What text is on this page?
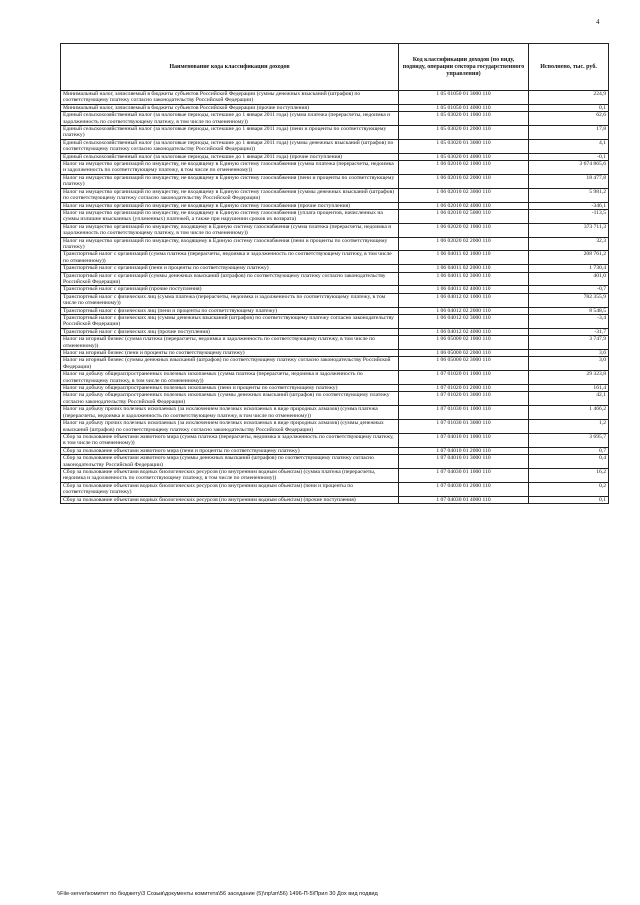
4
Наименование кода классификации доходов	Код классификации доходов (по виду, подвиду, операции сектора государственного управления)	Исполнено, тыс. руб.
Минимальный налог, зачисляемый в бюджеты субъектов Российской Федерации (суммы денежных взысканий (штрафов) по соответствующему платежу согласно законодательству Российской Федерации)	1 05 01050 01 3000 110	224,9
Минимальный налог, зачисляемый в бюджеты субъектов Российской Федерации (прочие поступления)	1 05 01050 01 4000 110	0,1
Единый сельскохозяйственный налог (за налоговые периоды, истекшие до 1 января 2011 года) (сумма платежа (перерасчеты, недоимка и задолженность по соответствующему платежу, в том числе по отмененному))	1 05 03020 01 1000 110	62,6
Единый сельскохозяйственный налог (за налоговые периоды, истекшие до 1 января 2011 года) (пени и проценты по соответствующему платежу)	1 05 03020 01 2000 110	17,8
Единый сельскохозяйственный налог (за налоговые периоды, истекшие до 1 января 2011 года) (суммы денежных взысканий (штрафов) по соответствующему платежу согласно законодательству Российской Федерации))	1 05 03020 01 3000 110	4,1
Единый сельскохозяйственный налог (за налоговые периоды, истекшие до 1 января 2011 года) (прочие поступления)	1 05 03020 01 4000 110	-0,1
Налог на имущество организаций по имуществу, не входящему в Единую систему газоснабжения (сумма платежа (перерасчеты, недоимка и задолженность по соответствующему платежу, в том числе по отмененному))	1 06 02010 02 1000 110	3 674 865,6
Налог на имущество организаций по имуществу, не входящему в Единую систему газоснабжения (пени и проценты по соответствующему платежу)	1 06 02010 02 2000 110	18 477,8
Налог на имущество организаций по имуществу, не входящему в Единую систему газоснабжения (суммы денежных взысканий (штрафов) по соответствующему платежу согласно законодательству Российской Федерации)	1 06 02010 02 3000 110	5 981,2
Налог на имущество организаций по имуществу, не входящему в Единую систему газоснабжения (прочие поступления)	1 06 02010 02 4000 110	-346,1
Налог на имущество организаций по имуществу, не входящему в Единую систему газоснабжения (уплата процентов, начисленных на суммы излишне взысканных (уплаченных) платежей, а также при нарушении сроков их возврата)	1 06 02010 02 5000 110	-113,5
Налог на имущество организаций по имуществу, входящему в Единую систему газоснабжения (сумма платежа (перерасчеты, недоимка и задолженность по соответствующему платежу, в том числе по отмененному))	1 06 02020 02 1000 110	373 711,3
Налог на имущество организаций по имуществу, входящему в Единую систему газоснабжения (пени и проценты по соответствующему платежу)	1 06 02020 02 2000 110	32,3
Транспортный налог с организаций (сумма платежа (перерасчеты, недоимка и задолженность по соответствующему платежу, в том числе по отмененному))	1 06 04011 02 1000 110	208 761,2
Транспортный налог с организаций (пени и проценты по соответствующему платежу)	1 06 04011 02 2000 110	1 730,4
Транспортный налог с организаций (суммы денежных взысканий (штрафов) по соответствующему платежу согласно законодательству Российской Федерации)	1 06 04011 02 3000 110	401,0
Транспортный налог с организаций (прочие поступления)	1 06 04011 02 4000 110	-0,7
Транспортный налог с физических лиц (сумма платежа (перерасчеты, недоимка и задолженность по соответствующему платежу, в том числе по отмененному))	1 06 04012 02 1000 110	782 355,9
Транспортный налог с физических лиц (пени и проценты по соответствующему платежу)	1 06 04012 02 2000 110	8 548,5
Транспортный налог с физических лиц (суммы денежных взысканий (штрафов) по соответствующему платежу согласно законодательству Российской Федерации)	1 06 04012 02 3000 110	-3,4
Транспортный налог с физических лиц (прочие поступления)	1 06 04012 02 4000 110	-31,7
Налог на игорный бизнес (сумма платежа (перерасчеты, недоимка и задолженность по соответствующему платежу, в том числе по отмененному))	1 06 05000 02 1000 110	3 747,9
Налог на игорный бизнес (пени и проценты по соответствующему платежу)	1 06 05000 02 2000 110	3,6
Налог на игорный бизнес (суммы денежных взысканий (штрафов) по соответствующему платежу согласно законодательству Российской Федерации)	1 06 05000 02 3000 110	3,0
Налог на добычу общераспространенных полезных ископаемых (сумма платежа (перерасчеты, недоимка и задолженность по соответствующему платежу, в том числе по отмененному))	1 07 01020 01 1000 110	29 323,8
Налог на добычу общераспространенных полезных ископаемых (пени и проценты по соответствующему платежу)	1 07 01020 01 2000 110	161,4
Налог на добычу общераспространенных полезных ископаемых (суммы денежных взысканий (штрафов) по соответствующему платежу согласно законодательству Российской Федерации)	1 07 01020 01 3000 110	42,1
Налог на добычу прочих полезных ископаемых (за исключением полезных ископаемых в виде природных алмазов) (сумма платежа (перерасчеты, недоимка и задолженность по соответствующему платежу, в том числе по отмененному))	1 07 01030 01 1000 110	1 466,2
Налог на добычу прочих полезных ископаемых (за исключением полезных ископаемых в виде природных алмазов) (суммы денежных взысканий (штрафов) по соответствующему платежу согласно законодательству Российской Федерации)	1 07 01030 01 3000 110	1,2
Сбор за пользование объектами животного мира (сумма платежа (перерасчеты, недоимка и задолженность по соответствующему платежу, в том числе по отмененному))	1 07 04010 01 1000 110	3 695,7
Сбор за пользование объектами животного мира (пени и проценты по соответствующему платежу)	1 07 04010 01 2000 110	0,7
Сбор за пользование объектами животного мира (суммы денежных взысканий (штрафов) по соответствующему платежу согласно законодательству Российской Федерации)	1 07 04010 01 3000 110	0,4
Сбор за пользование объектами водных биологических ресурсов (по внутренним водным объектам) (сумма платежа (перерасчеты, недоимка и задолженность по соответствующему платежу, в том числе по отмененному))	1 07 04030 01 1000 110	16,2
Сбор за пользование объектами водных биологических ресурсов (по внутренним водным объектам) (пени и проценты по соответствующему платежу)	1 07 04030 01 2000 110	0,2
Сбор за пользование объектами водных биологических ресурсов (по внутренним водным объектам) (прочие поступления)	1 07 04030 01 4000 110	0,1
\\File-server\комитет по бюджету\3 Созыв\документы комитета\56 заседание (5)\пр\зп\56) 1496-П-5\Прил 30 Дох вид подвид
